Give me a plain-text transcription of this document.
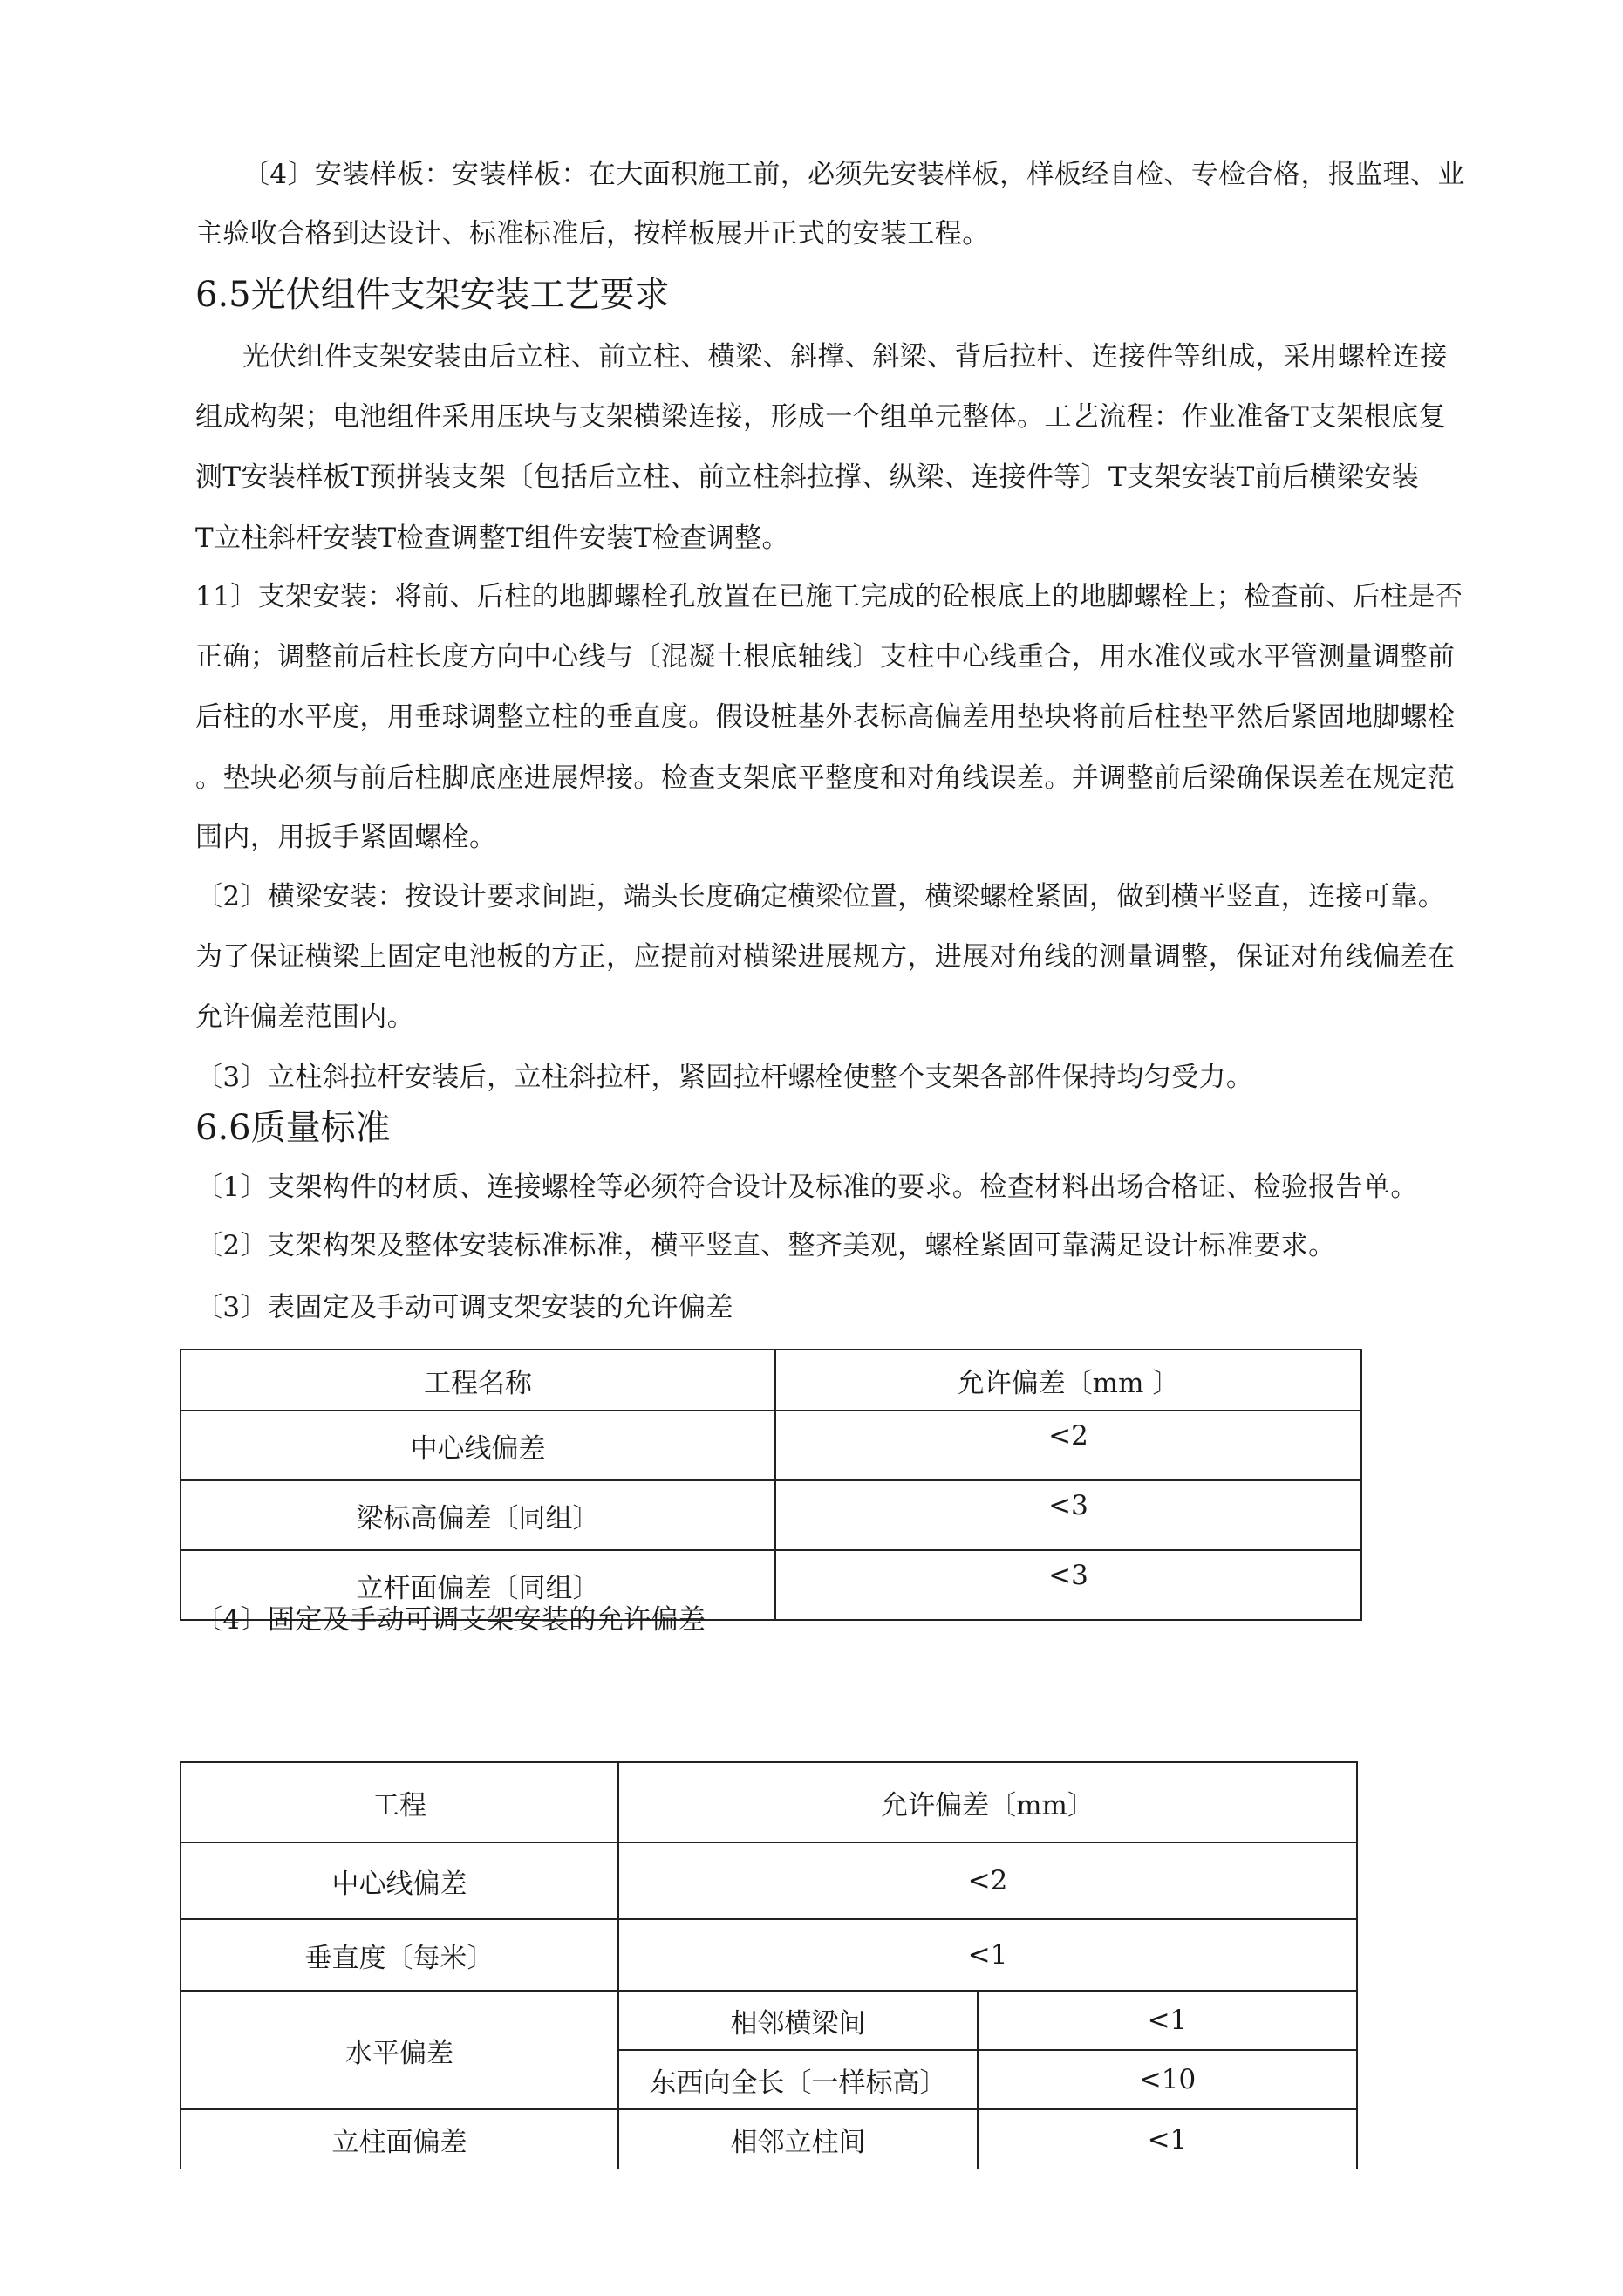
〔4〕安装样板：安装样板：在大面积施工前，必须先安装样板，样板经自检、专检合格，报监理、业

主验收合格到达设计、标准标准后，按样板展开正式的安装工程。

6.5光伏组件支架安装工艺要求

光伏组件支架安装由后立柱、前立柱、横梁、斜撑、斜梁、背后拉杆、连接件等组成，采用螺栓连接

组成构架；电池组件采用压块与支架横梁连接，形成一个组单元整体。工艺流程：作业准备T支架根底复

测T安装样板T预拼装支架〔包括后立柱、前立柱斜拉撑、纵梁、连接件等〕T支架安装T前后横梁安装

T立柱斜杆安装T检查调整T组件安装T检查调整。

11〕支架安装：将前、后柱的地脚螺栓孔放置在已施工完成的砼根底上的地脚螺栓上；检查前、后柱是否

正确；调整前后柱长度方向中心线与〔混凝土根底轴线〕支柱中心线重合，用水准仪或水平管测量调整前

后柱的水平度，用垂球调整立柱的垂直度。假设桩基外表标高偏差用垫块将前后柱垫平然后紧固地脚螺栓

。垫块必须与前后柱脚底座进展焊接。检查支架底平整度和对角线误差。并调整前后梁确保误差在规定范

围内，用扳手紧固螺栓。

〔2〕横梁安装：按设计要求间距，端头长度确定横梁位置，横梁螺栓紧固，做到横平竖直，连接可靠。

为了保证横梁上固定电池板的方正，应提前对横梁进展规方，进展对角线的测量调整，保证对角线偏差在

允许偏差范围内。

〔3〕立柱斜拉杆安装后，立柱斜拉杆，紧固拉杆螺栓使整个支架各部件保持均匀受力。

6.6质量标准

〔1〕支架构件的材质、连接螺栓等必须符合设计及标准的要求。检查材料出场合格证、检验报告单。

〔2〕支架构架及整体安装标准标准，横平竖直、整齐美观，螺栓紧固可靠满足设计标准要求。

〔3〕表固定及手动可调支架安装的允许偏差

工程名称	允许偏差〔mm 〕
中心线偏差	<2
梁标高偏差〔同组〕	<3
立杆面偏差〔同组〕	<3

〔4〕固定及手动可调支架安装的允许偏差

工程	允许偏差〔mm〕	
中心线偏差	<2	
垂直度〔每米〕	<1	
水平偏差	相邻横梁间	<1
	东西向全长〔一样标高〕	<10
立柱面偏差	相邻立柱间	<1
